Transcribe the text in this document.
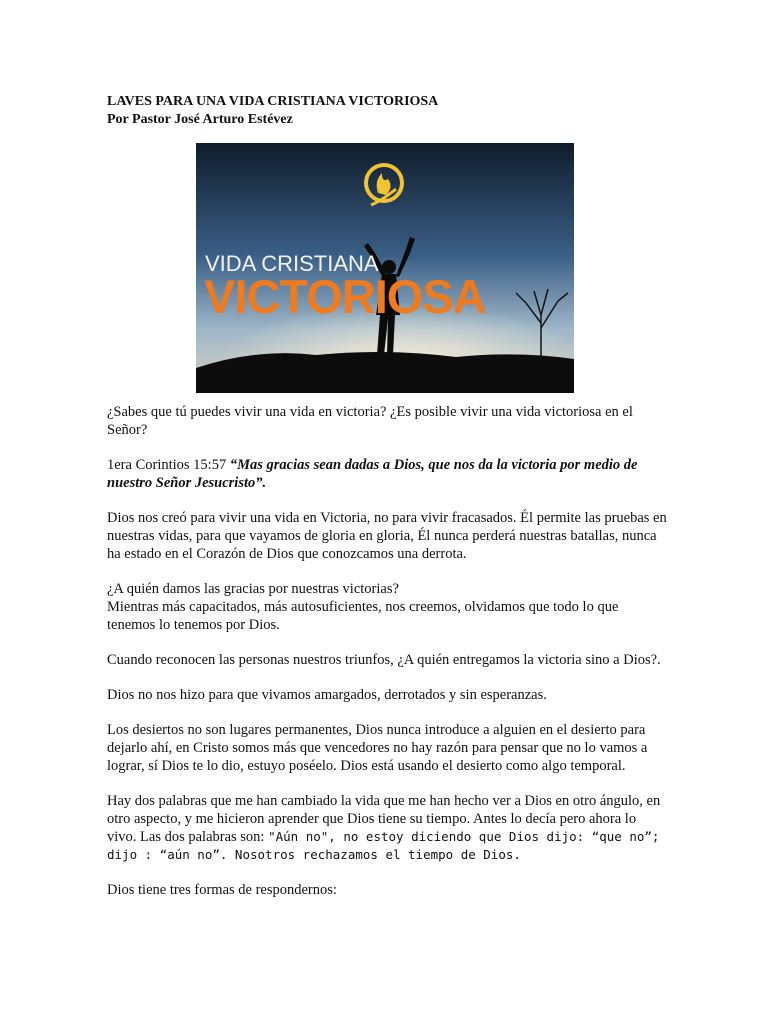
LAVES PARA UNA VIDA CRISTIANA VICTORIOSA

Por Pastor José Arturo Estévez

VIDA CRISTIANA
VICTORIOSA

¿Sabes que tú puedes vivir una vida en victoria? ¿Es posible vivir una vida victoriosa en el Señor?

1era Corintios 15:57 “Mas gracias sean dadas a Dios, que nos da la victoria por medio de nuestro Señor Jesucristo”.

Dios nos creó para vivir una vida en Victoria, no para vivir fracasados. Él permite las pruebas en nuestras vidas, para que vayamos de gloria en gloria, Él nunca perderá nuestras batallas, nunca ha estado en el Corazón de Dios que conozcamos una derrota.

¿A quién damos las gracias por nuestras victorias?

Mientras más capacitados, más autosuficientes, nos creemos, olvidamos que todo lo que tenemos lo tenemos por Dios.

Cuando reconocen las personas nuestros triunfos, ¿A quién entregamos la victoria sino a Dios?.

Dios no nos hizo para que vivamos amargados, derrotados y sin esperanzas.

Los desiertos no son lugares permanentes, Dios nunca introduce a alguien en el desierto para dejarlo ahí, en Cristo somos más que vencedores no hay razón para pensar que no lo vamos a lograr, sí Dios te lo dio, estuyo poséelo. Dios está usando el desierto como algo temporal.

Hay dos palabras que me han cambiado la vida que me han hecho ver a Dios en otro ángulo, en otro aspecto, y me hicieron aprender que Dios tiene su tiempo. Antes lo decía pero ahora lo vivo. Las dos palabras son: "Aún no", no estoy diciendo que Dios dijo: “que no”; dijo : “aún no”. Nosotros rechazamos el tiempo de Dios.

Dios tiene tres formas de respondernos:
